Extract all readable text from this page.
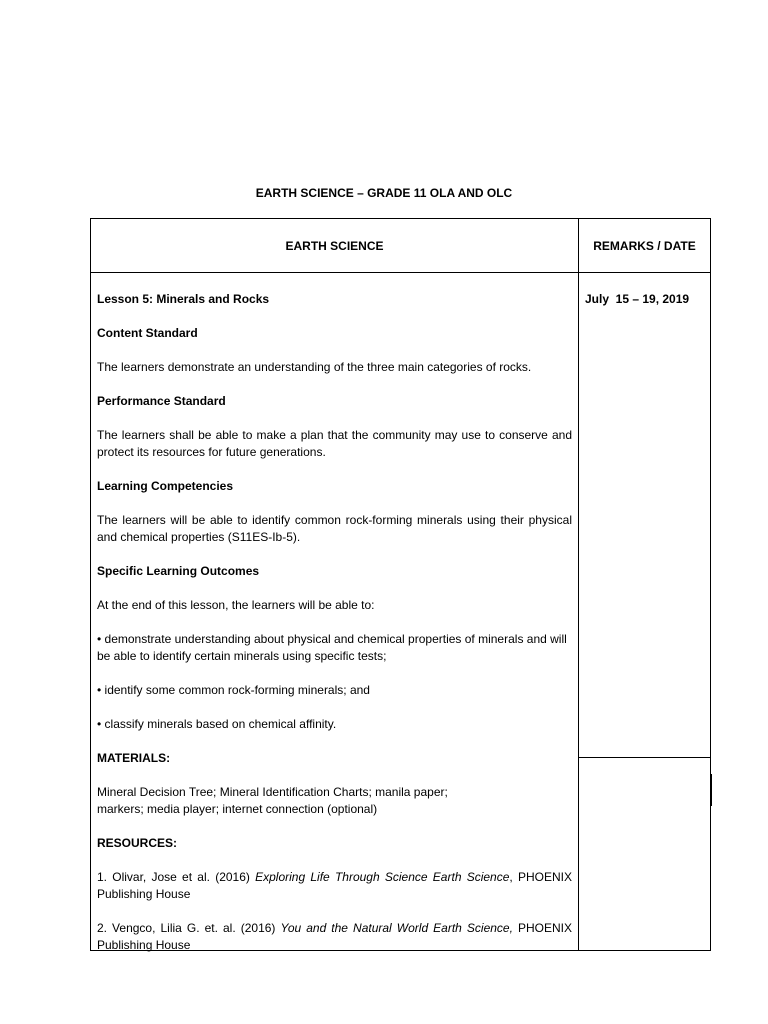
EARTH SCIENCE – GRADE 11 OLA AND OLC
EARTH SCIENCE	REMARKS / DATE
July  15 – 19, 2019

Lesson 5: Minerals and Rocks

Content Standard

The learners demonstrate an understanding of the three main categories of rocks.

Performance Standard

The learners shall be able to make a plan that the community may use to conserve and protect its resources for future generations.

Learning Competencies

The learners will be able to identify common rock-forming minerals using their physical and chemical properties (S11ES-Ib-5).

Specific Learning Outcomes

At the end of this lesson, the learners will be able to:

• demonstrate understanding about physical and chemical properties of minerals and will be able to identify certain minerals using specific tests;

• identify some common rock-forming minerals; and

• classify minerals based on chemical affinity.

MATERIALS:

Mineral Decision Tree; Mineral Identification Charts; manila paper;
markers; media player; internet connection (optional)

RESOURCES:

1. Olivar, Jose et al. (2016) Exploring Life Through Science Earth Science, PHOENIX Publishing House

2. Vengco, Lilia G. et. al. (2016) You and the Natural World Earth Science, PHOENIX Publishing House
